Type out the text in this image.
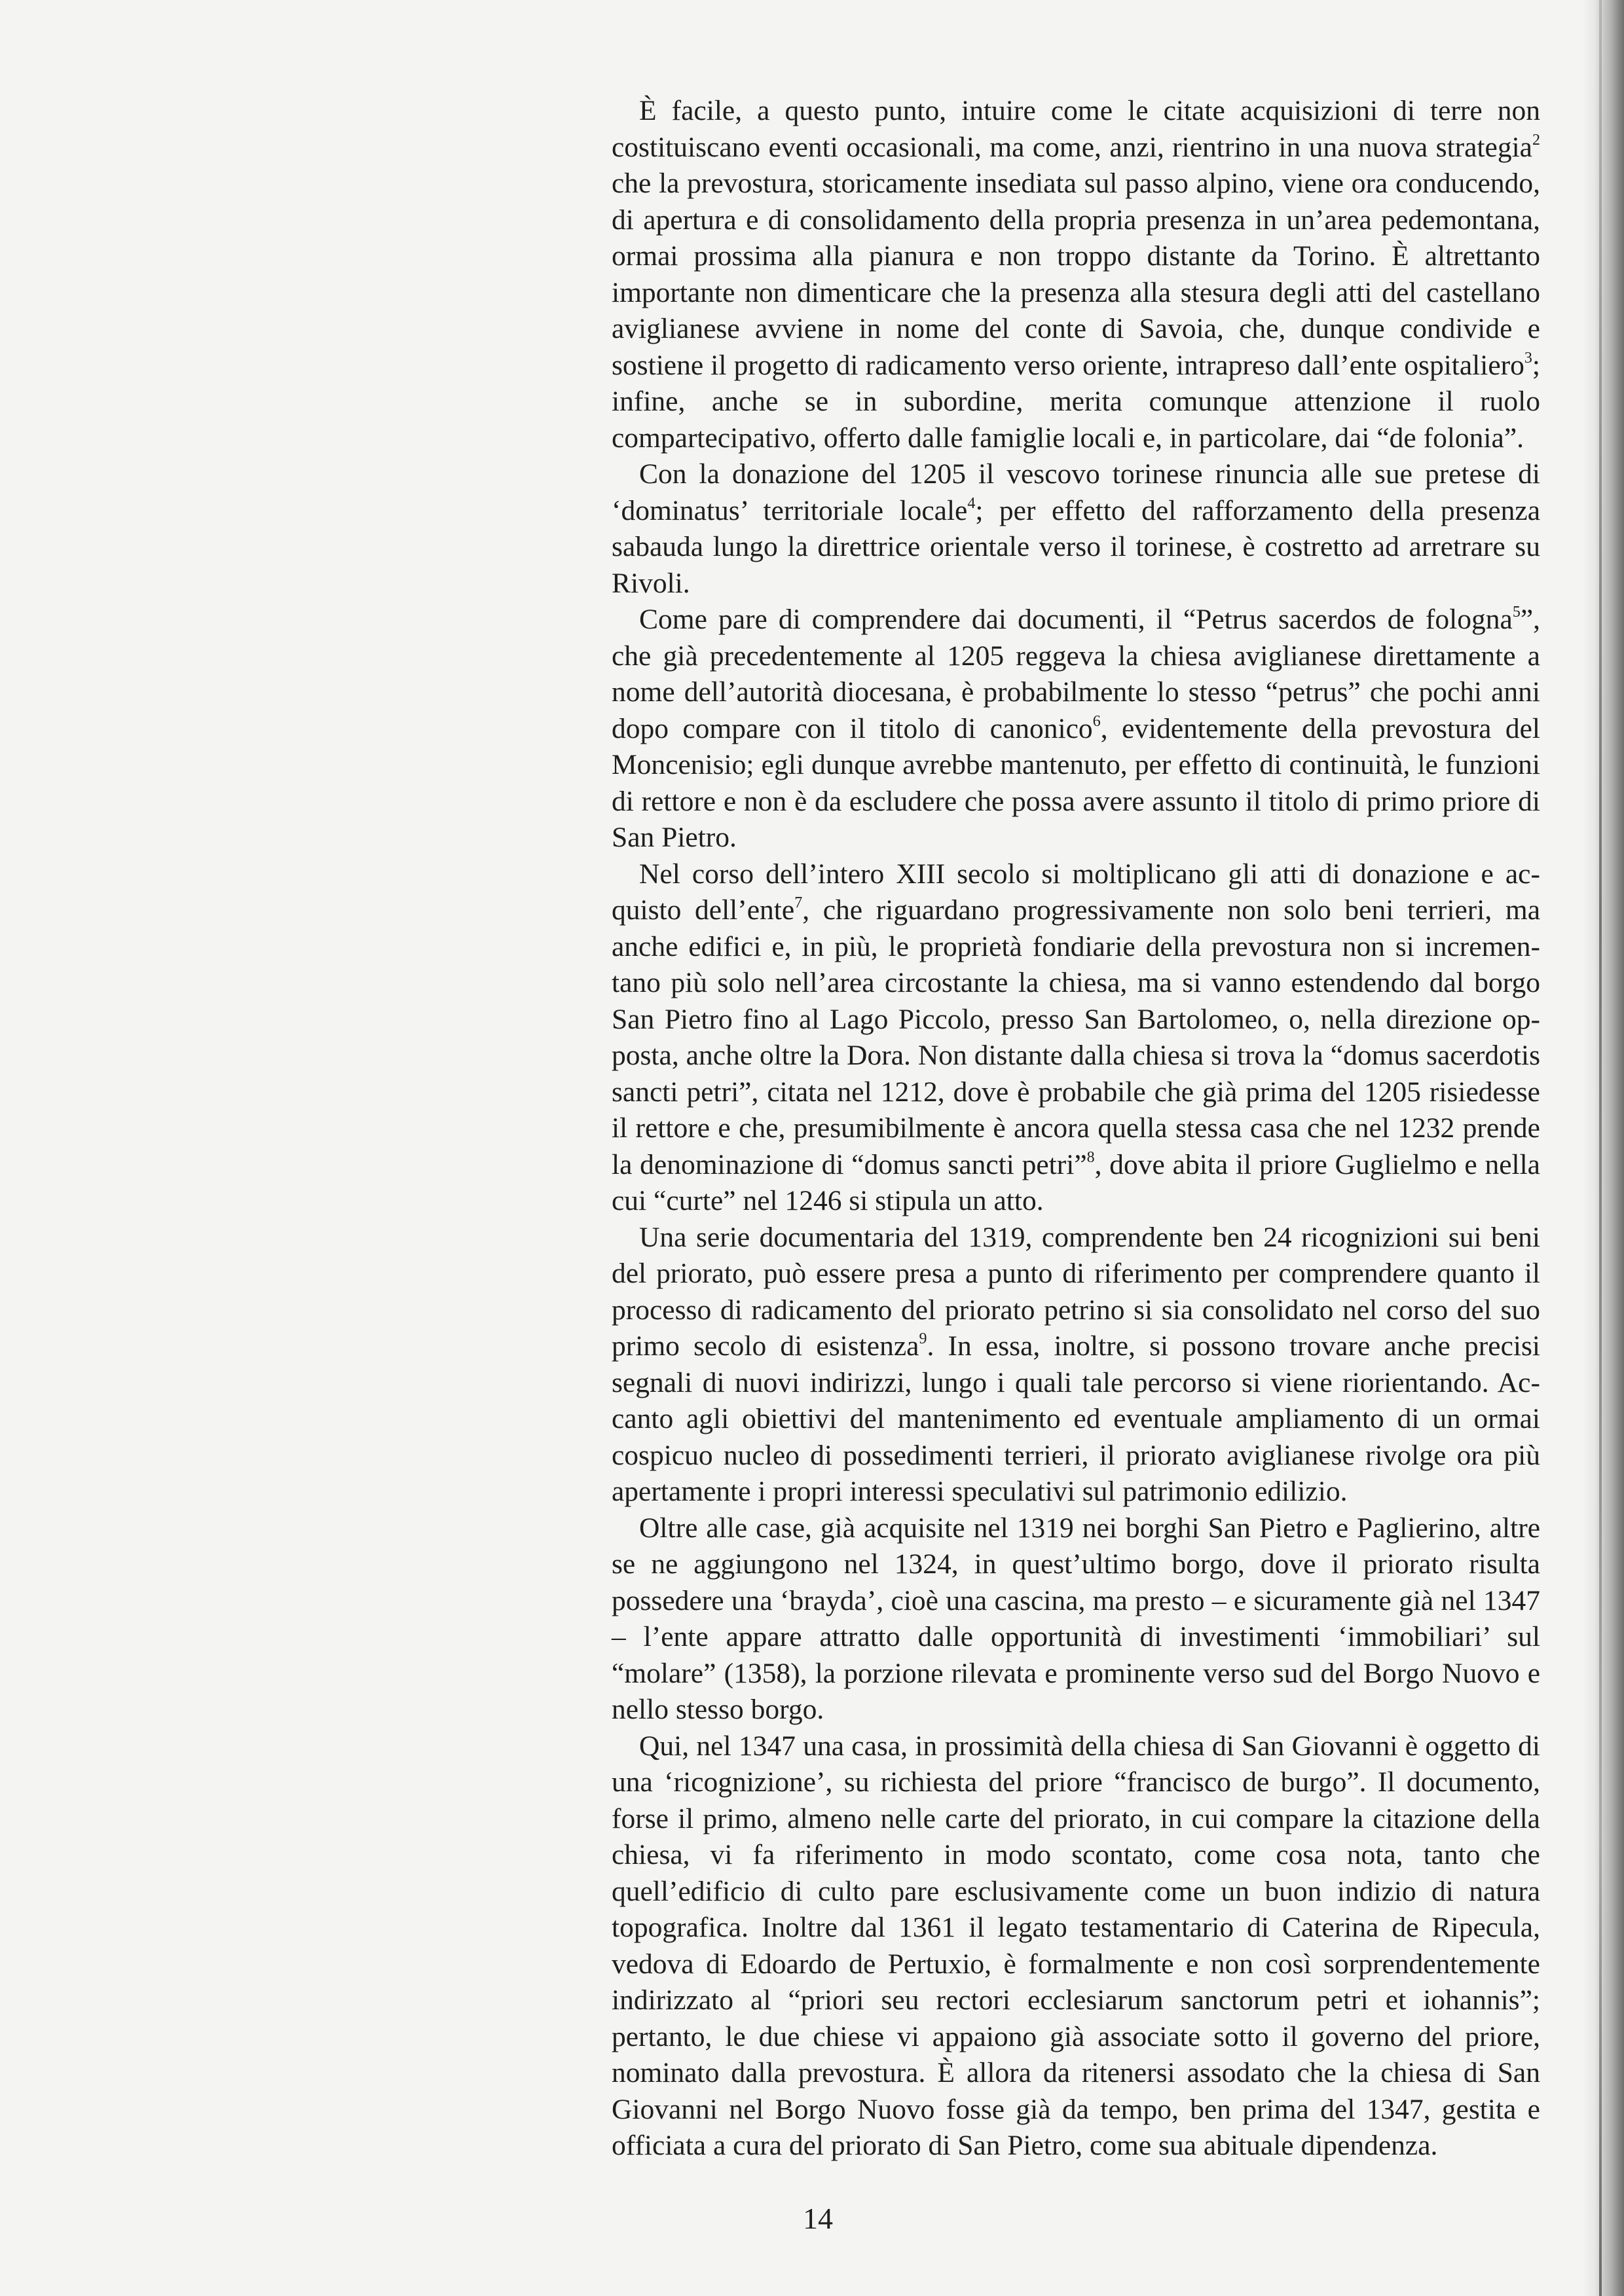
È facile, a questo punto, intuire come le citate acquisizioni di terre non costituiscano eventi occasionali, ma come, anzi, rientrino in una nuova strategia$^2$ che la prevostura, storicamente insediata sul passo alpino, viene ora conducendo, di apertura e di consolidamento della propria presenza in un’area pedemontana, ormai prossima alla pianura e non troppo distante da Torino. È altrettanto importante non dimenticare che la presenza alla stesura degli atti del castellano aviglianese avviene in nome del conte di Savoia, che, dunque condivide e sostiene il progetto di radicamento verso oriente, intrapreso dall’ente ospitaliero$^3$; infine, anche se in subordine, merita comunque attenzione il ruolo compartecipativo, offerto dalle famiglie locali e, in particolare, dai “de folonia”.

Con la donazione del 1205 il vescovo torinese rinuncia alle sue pretese di ‘dominatus’ territoriale locale$^4$; per effetto del rafforzamento della presenza sabauda lungo la direttrice orientale verso il torinese, è costretto ad arretrare su Rivoli.

Come pare di comprendere dai documenti, il “Petrus sacerdos de fologna$^5$”, che già precedentemente al 1205 reggeva la chiesa aviglianese direttamente a nome dell’autorità diocesana, è probabilmente lo stesso “petrus” che pochi anni dopo compare con il titolo di canonico$^6$, evidentemente della prevostura del Moncenisio; egli dunque avrebbe mantenuto, per effetto di continuità, le funzioni di rettore e non è da escludere che possa avere assunto il titolo di primo priore di San Pietro.

Nel corso dell’intero XIII secolo si moltiplicano gli atti di donazione e acquisto dell’ente$^7$, che riguardano progressivamente non solo beni terrieri, ma anche edifici e, in più, le proprietà fondiarie della prevostura non si incrementano più solo nell’area circostante la chiesa, ma si vanno estendendo dal borgo San Pietro fino al Lago Piccolo, presso San Bartolomeo, o, nella direzione opposta, anche oltre la Dora. Non distante dalla chiesa si trova la “domus sacerdotis sancti petri”, citata nel 1212, dove è probabile che già prima del 1205 risiedesse il rettore e che, presumibilmente è ancora quella stessa casa che nel 1232 prende la denominazione di “domus sancti petri”$^8$, dove abita il priore Guglielmo e nella cui “curte” nel 1246 si stipula un atto.

Una serie documentaria del 1319, comprendente ben 24 ricognizioni sui beni del priorato, può essere presa a punto di riferimento per comprendere quanto il processo di radicamento del priorato petrino si sia consolidato nel corso del suo primo secolo di esistenza$^9$. In essa, inoltre, si possono trovare anche precisi segnali di nuovi indirizzi, lungo i quali tale percorso si viene riorientando. Accanto agli obiettivi del mantenimento ed eventuale ampliamento di un ormai cospicuo nucleo di possedimenti terrieri, il priorato aviglianese rivolge ora più apertamente i propri interessi speculativi sul patrimonio edilizio.

Oltre alle case, già acquisite nel 1319 nei borghi San Pietro e Paglierino, altre se ne aggiungono nel 1324, in quest’ultimo borgo, dove il priorato risulta possedere una ‘brayda’, cioè una cascina, ma presto – e sicuramente già nel 1347 – l’ente appare attratto dalle opportunità di investimenti ‘immobiliari’ sul “molare” (1358), la porzione rilevata e prominente verso sud del Borgo Nuovo e nello stesso borgo.

Qui, nel 1347 una casa, in prossimità della chiesa di San Giovanni è oggetto di una ‘ricognizione’, su richiesta del priore “francisco de burgo”. Il documento, forse il primo, almeno nelle carte del priorato, in cui compare la citazione della chiesa, vi fa riferimento in modo scontato, come cosa nota, tanto che quell’edificio di culto pare esclusivamente come un buon indizio di natura topografica. Inoltre dal 1361 il legato testamentario di Caterina de Ripecula, vedova di Edoardo de Pertuxio, è formalmente e non così sorprendentemente indirizzato al “priori seu rectori ecclesiarum sanctorum petri et iohannis”; pertanto, le due chiese vi appaiono già associate sotto il governo del priore, nominato dalla prevostura. È allora da ritenersi assodato che la chiesa di San Giovanni nel Borgo Nuovo fosse già da tempo, ben prima del 1347, gestita e officiata a cura del priorato di San Pietro, come sua abituale dipendenza.

14
